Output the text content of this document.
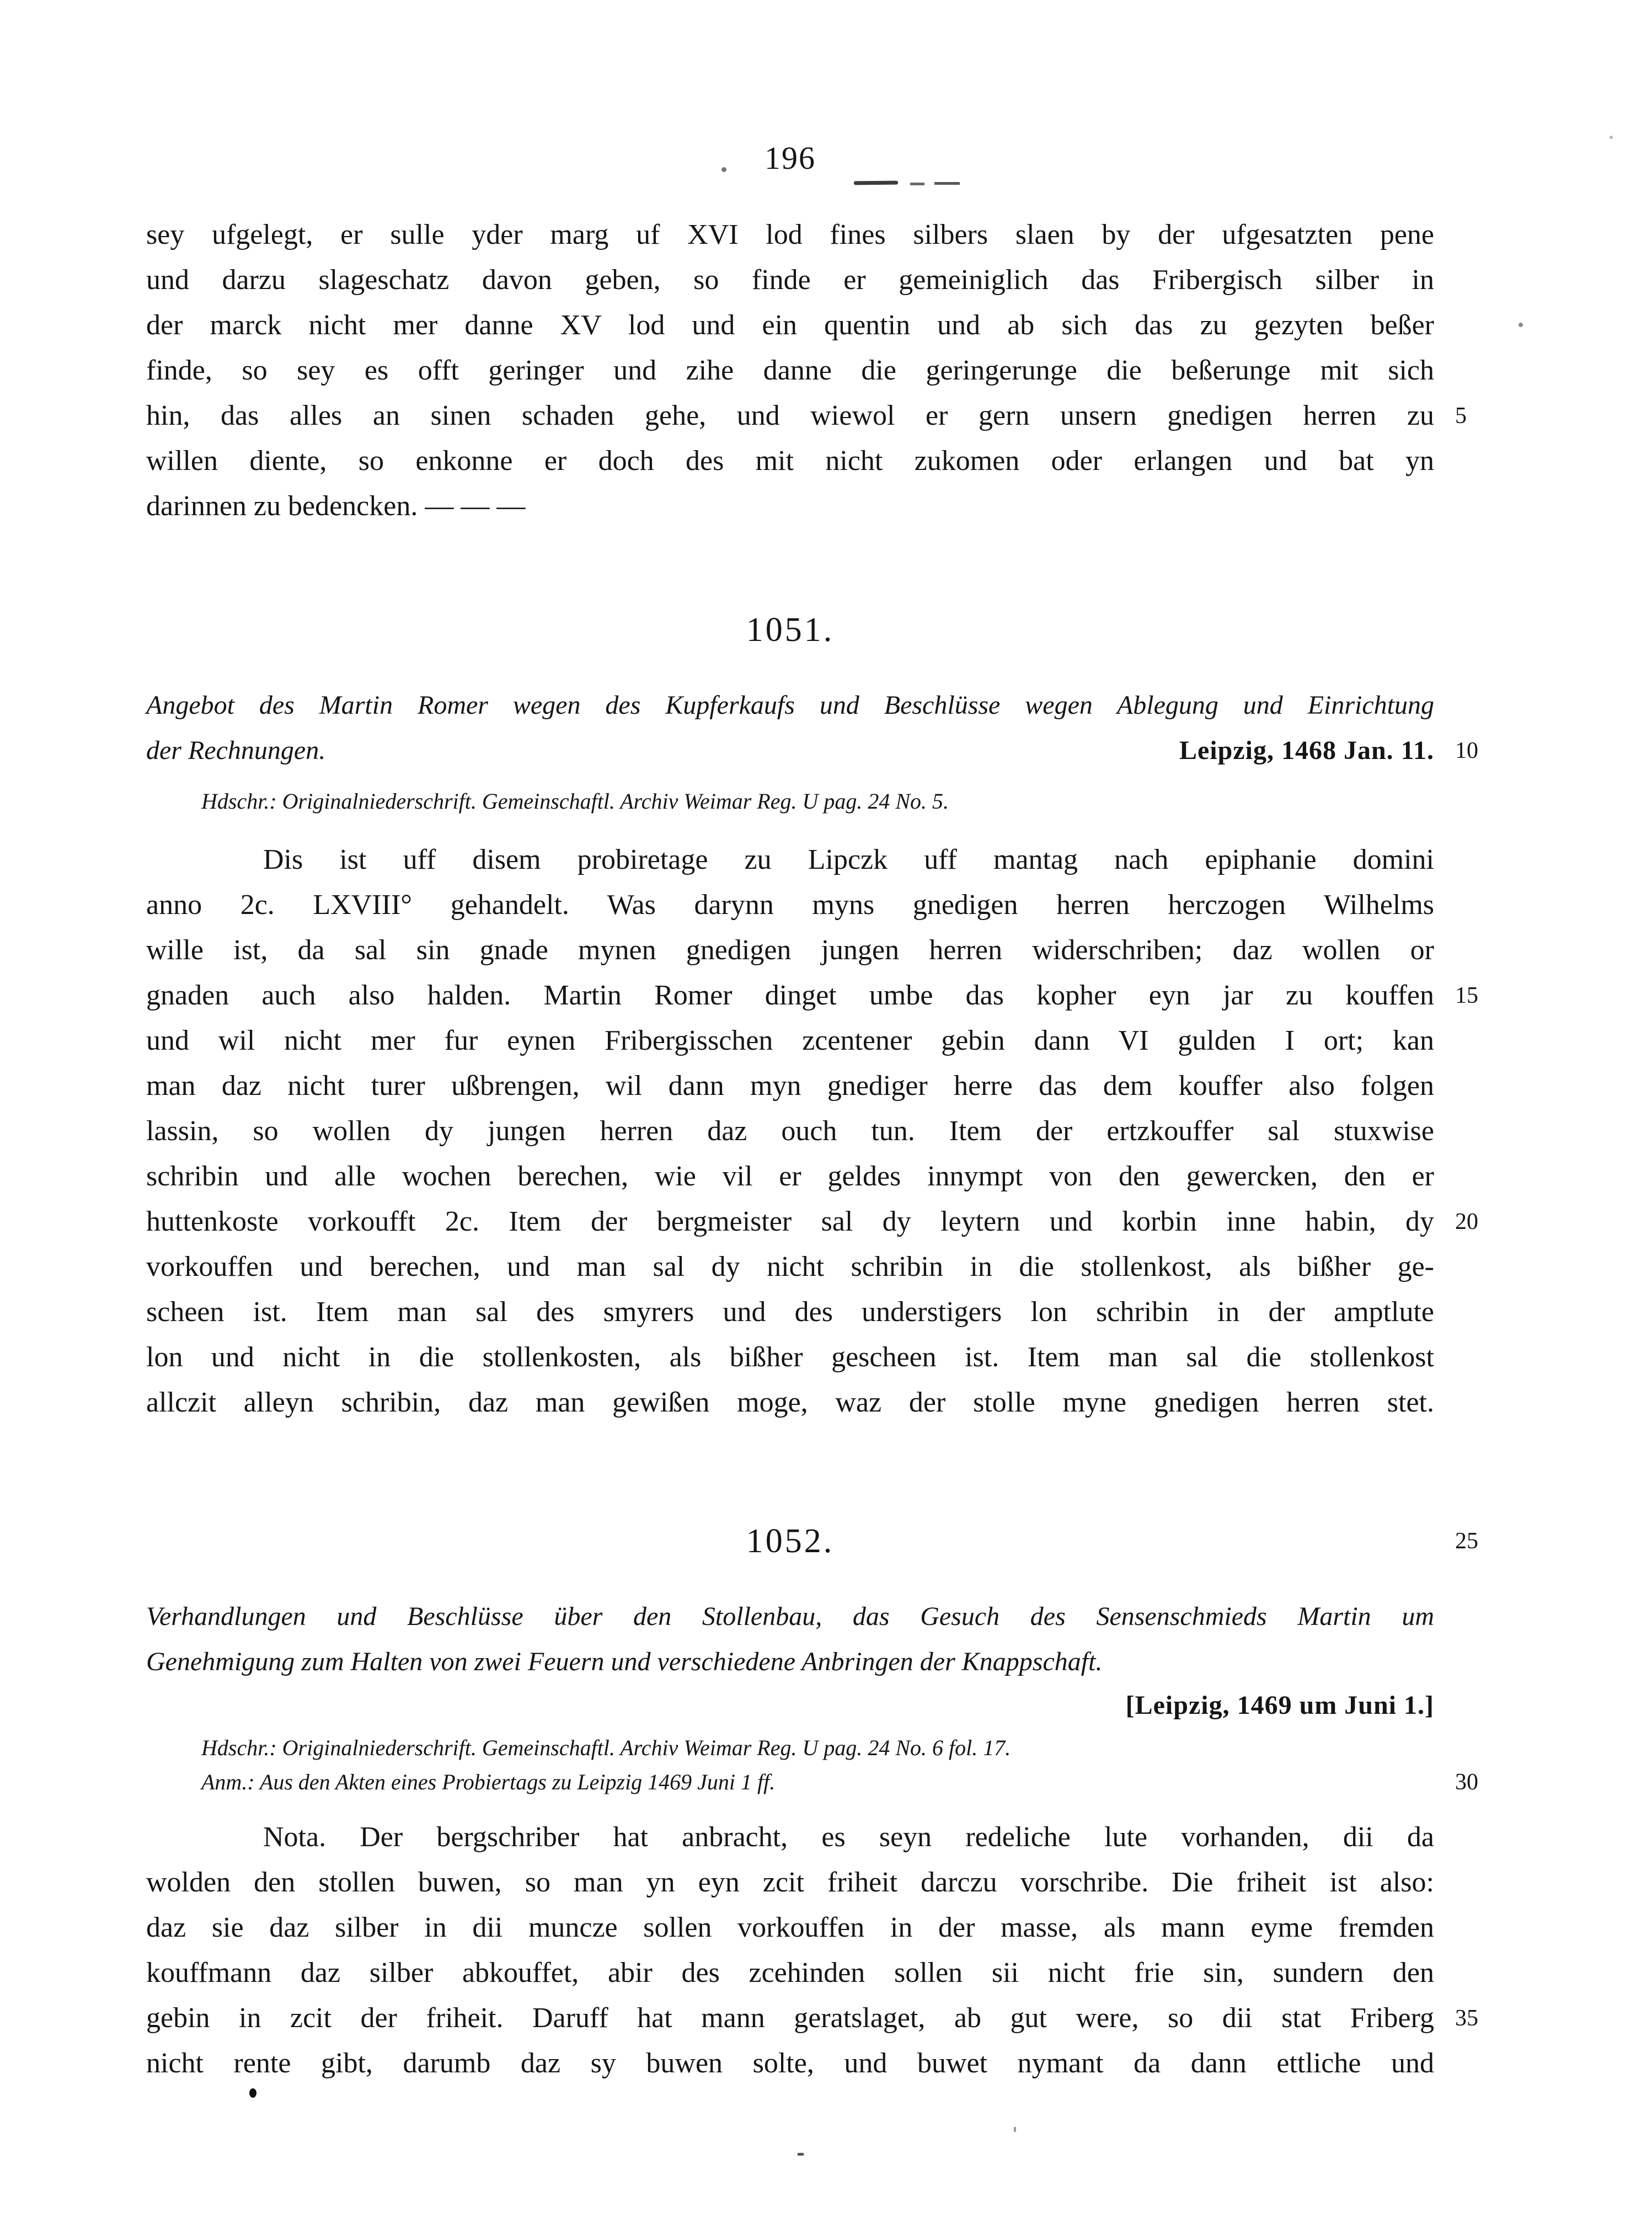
196
sey ufgelegt, er sulle yder marg uf XVI lod fines silbers slaen by der ufgesatzten pene
und darzu slageschatz davon geben, so finde er gemeiniglich das Fribergisch silber in
der marck nicht mer danne XV lod und ein quentin und ab sich das zu gezyten beßer
finde, so sey es offt geringer und zihe danne die geringerunge die beßerunge mit sich
hin, das alles an sinen schaden gehe, und wiewol er gern unsern gnedigen herren zu 5
willen diente, so enkonne er doch des mit nicht zukomen oder erlangen und bat yn
darinnen zu bedencken. — — —
1051.
Angebot des Martin Romer wegen des Kupferkaufs und Beschlüsse wegen Ablegung und Einrichtung
der Rechnungen.	Leipzig, 1468 Jan. 11. 10
Hdschr.: Originalniederschrift. Gemeinschaftl. Archiv Weimar Reg. U pag. 24 No. 5.
Dis ist uff disem probiretage zu Lipczk uff mantag nach epiphanie domini
anno 2c. LXVIII° gehandelt. Was darynn myns gnedigen herren herczogen Wilhelms
wille ist, da sal sin gnade mynen gnedigen jungen herren widerschriben; daz wollen or
gnaden auch also halden. Martin Romer dinget umbe das kopher eyn jar zu kouffen 15
und wil nicht mer fur eynen Fribergisschen zcentener gebin dann VI gulden I ort; kan
man daz nicht turer ußbrengen, wil dann myn gnediger herre das dem kouffer also folgen
lassin, so wollen dy jungen herren daz ouch tun. Item der ertzkouffer sal stuxwise
schribin und alle wochen berechen, wie vil er geldes innympt von den gewercken, den er
huttenkoste vorkoufft 2c. Item der bergmeister sal dy leytern und korbin inne habin, dy 20
vorkouffen und berechen, und man sal dy nicht schribin in die stollenkost, als bißher ge-
scheen ist. Item man sal des smyrers und des understigers lon schribin in der amptlute
lon und nicht in die stollenkosten, als bißher gescheen ist. Item man sal die stollenkost
allczit alleyn schribin, daz man gewißen moge, waz der stolle myne gnedigen herren stet.
1052.	25
Verhandlungen und Beschlüsse über den Stollenbau, das Gesuch des Sensenschmieds Martin um
Genehmigung zum Halten von zwei Feuern und verschiedene Anbringen der Knappschaft.
[Leipzig, 1469 um Juni 1.]
Hdschr.: Originalniederschrift. Gemeinschaftl. Archiv Weimar Reg. U pag. 24 No. 6 fol. 17.
Anm.: Aus den Akten eines Probiertags zu Leipzig 1469 Juni 1 ff.	30
Nota. Der bergschriber hat anbracht, es seyn redeliche lute vorhanden, dii da
wolden den stollen buwen, so man yn eyn zcit friheit darczu vorschribe. Die friheit ist also:
daz sie daz silber in dii muncze sollen vorkouffen in der masse, als mann eyme fremden
kouffmann daz silber abkouffet, abir des zcehinden sollen sii nicht frie sin, sundern den
gebin in zcit der friheit. Daruff hat mann geratslaget, ab gut were, so dii stat Friberg 35
nicht rente gibt, darumb daz sy buwen solte, und buwet nymant da dann ettliche und
